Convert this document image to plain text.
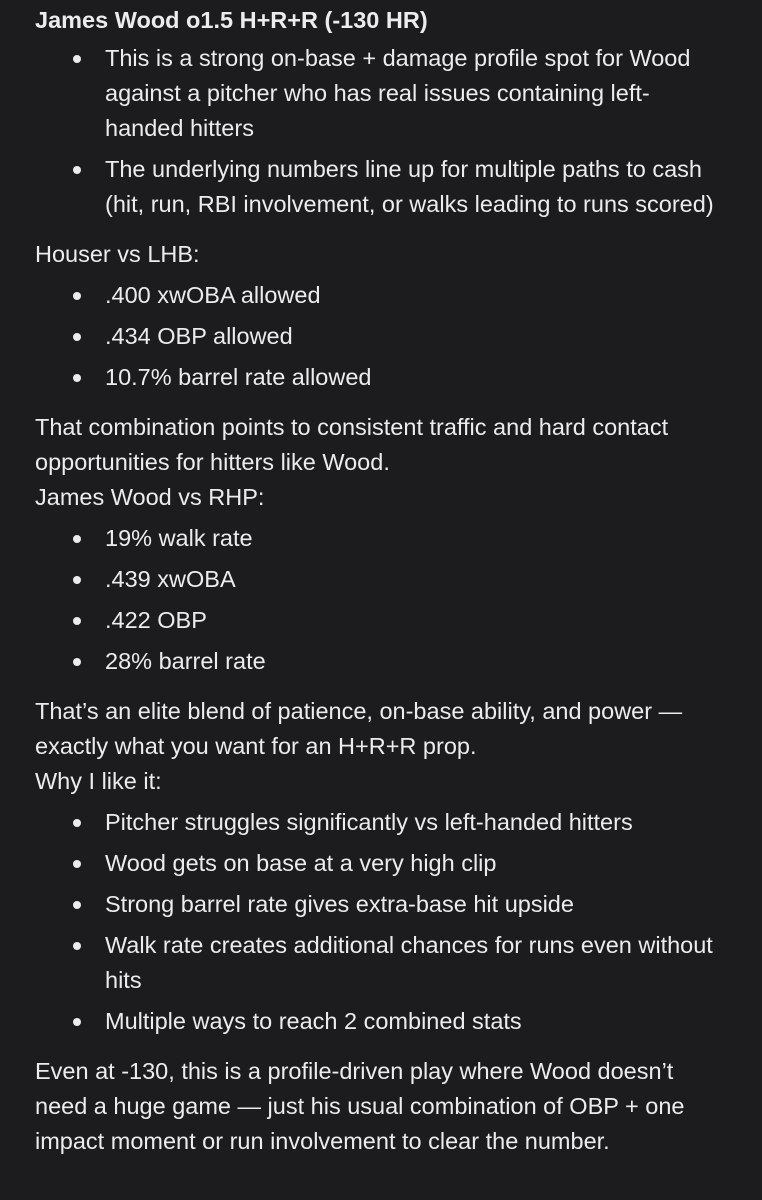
James Wood o1.5 H+R+R (-130 HR)
This is a strong on-base + damage profile spot for Wood against a pitcher who has real issues containing left-handed hitters
The underlying numbers line up for multiple paths to cash (hit, run, RBI involvement, or walks leading to runs scored)
Houser vs LHB:
.400 xwOBA allowed
.434 OBP allowed
10.7% barrel rate allowed
That combination points to consistent traffic and hard contact opportunities for hitters like Wood.
James Wood vs RHP:
19% walk rate
.439 xwOBA
.422 OBP
28% barrel rate
That’s an elite blend of patience, on-base ability, and power — exactly what you want for an H+R+R prop.
Why I like it:
Pitcher struggles significantly vs left-handed hitters
Wood gets on base at a very high clip
Strong barrel rate gives extra-base hit upside
Walk rate creates additional chances for runs even without hits
Multiple ways to reach 2 combined stats
Even at -130, this is a profile-driven play where Wood doesn’t need a huge game — just his usual combination of OBP + one impact moment or run involvement to clear the number.
